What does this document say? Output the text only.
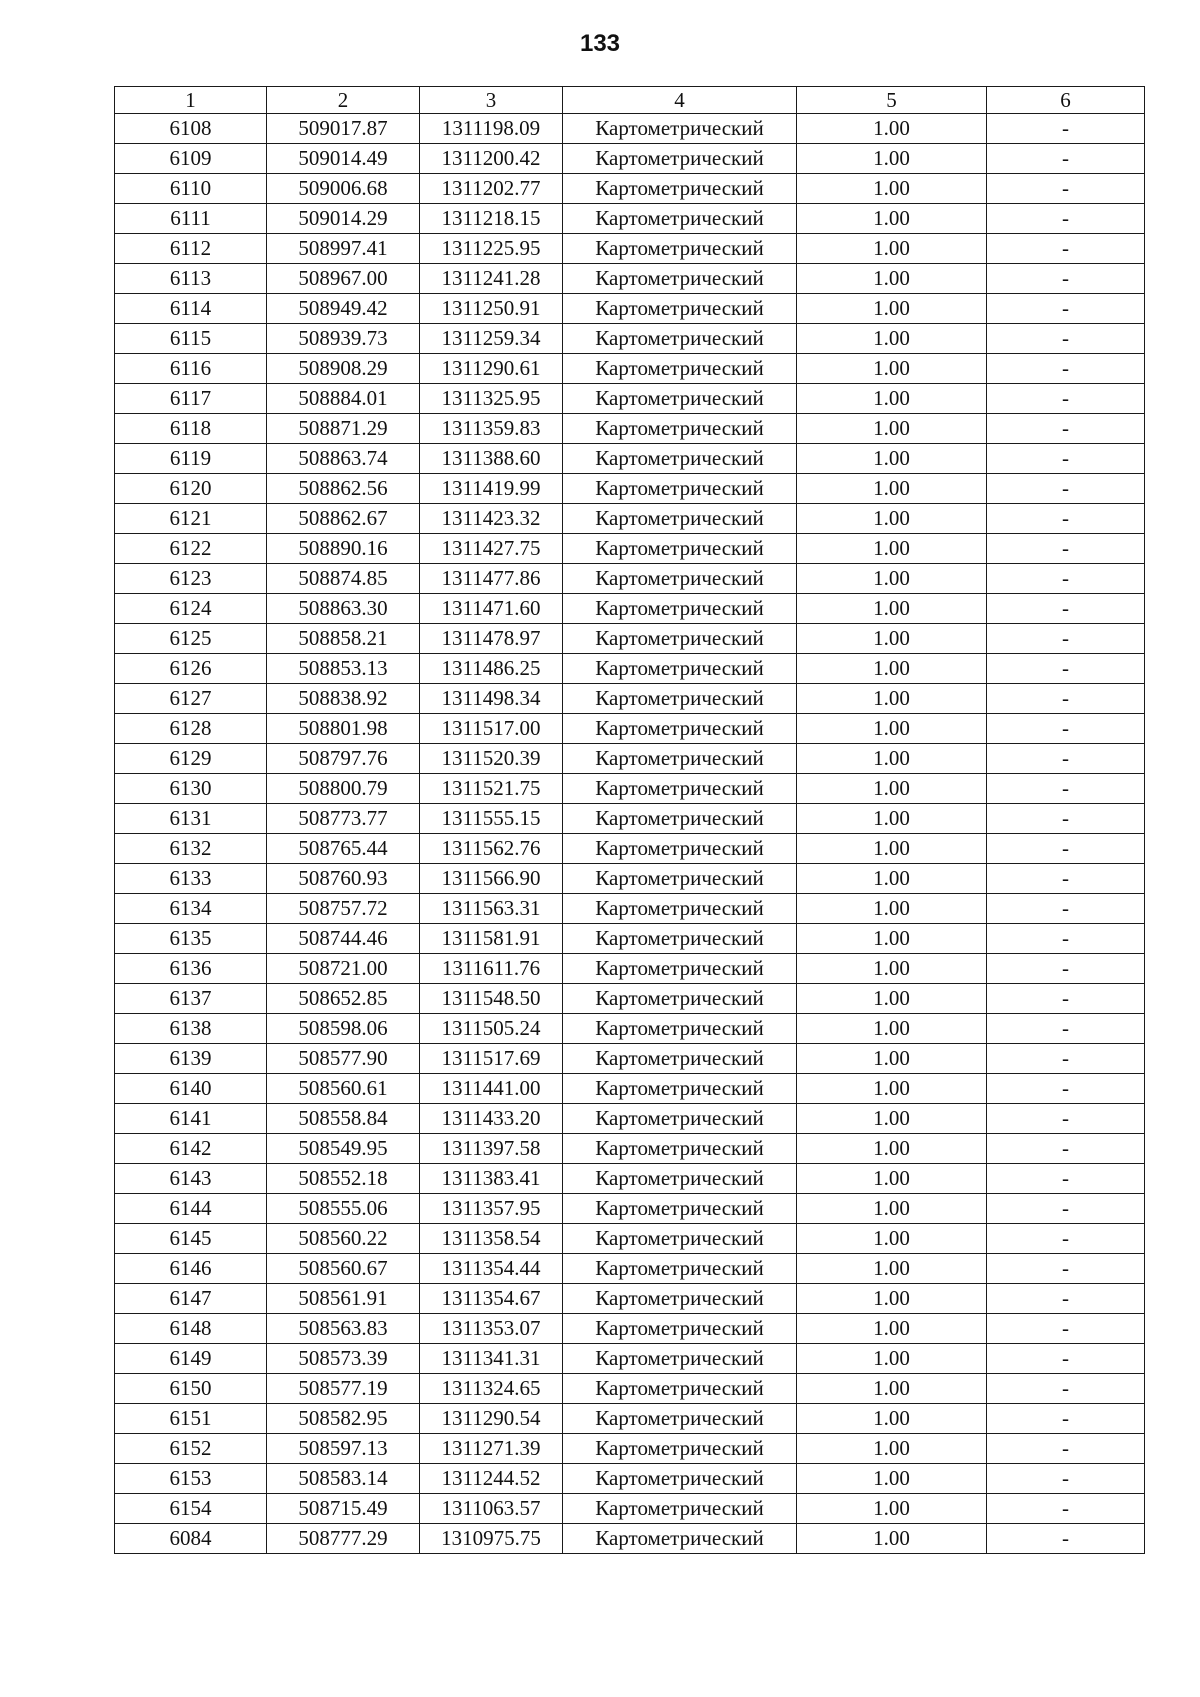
133
1	2	3	4	5	6
6108	509017.87	1311198.09	Картометрический	1.00	-
6109	509014.49	1311200.42	Картометрический	1.00	-
6110	509006.68	1311202.77	Картометрический	1.00	-
6111	509014.29	1311218.15	Картометрический	1.00	-
6112	508997.41	1311225.95	Картометрический	1.00	-
6113	508967.00	1311241.28	Картометрический	1.00	-
6114	508949.42	1311250.91	Картометрический	1.00	-
6115	508939.73	1311259.34	Картометрический	1.00	-
6116	508908.29	1311290.61	Картометрический	1.00	-
6117	508884.01	1311325.95	Картометрический	1.00	-
6118	508871.29	1311359.83	Картометрический	1.00	-
6119	508863.74	1311388.60	Картометрический	1.00	-
6120	508862.56	1311419.99	Картометрический	1.00	-
6121	508862.67	1311423.32	Картометрический	1.00	-
6122	508890.16	1311427.75	Картометрический	1.00	-
6123	508874.85	1311477.86	Картометрический	1.00	-
6124	508863.30	1311471.60	Картометрический	1.00	-
6125	508858.21	1311478.97	Картометрический	1.00	-
6126	508853.13	1311486.25	Картометрический	1.00	-
6127	508838.92	1311498.34	Картометрический	1.00	-
6128	508801.98	1311517.00	Картометрический	1.00	-
6129	508797.76	1311520.39	Картометрический	1.00	-
6130	508800.79	1311521.75	Картометрический	1.00	-
6131	508773.77	1311555.15	Картометрический	1.00	-
6132	508765.44	1311562.76	Картометрический	1.00	-
6133	508760.93	1311566.90	Картометрический	1.00	-
6134	508757.72	1311563.31	Картометрический	1.00	-
6135	508744.46	1311581.91	Картометрический	1.00	-
6136	508721.00	1311611.76	Картометрический	1.00	-
6137	508652.85	1311548.50	Картометрический	1.00	-
6138	508598.06	1311505.24	Картометрический	1.00	-
6139	508577.90	1311517.69	Картометрический	1.00	-
6140	508560.61	1311441.00	Картометрический	1.00	-
6141	508558.84	1311433.20	Картометрический	1.00	-
6142	508549.95	1311397.58	Картометрический	1.00	-
6143	508552.18	1311383.41	Картометрический	1.00	-
6144	508555.06	1311357.95	Картометрический	1.00	-
6145	508560.22	1311358.54	Картометрический	1.00	-
6146	508560.67	1311354.44	Картометрический	1.00	-
6147	508561.91	1311354.67	Картометрический	1.00	-
6148	508563.83	1311353.07	Картометрический	1.00	-
6149	508573.39	1311341.31	Картометрический	1.00	-
6150	508577.19	1311324.65	Картометрический	1.00	-
6151	508582.95	1311290.54	Картометрический	1.00	-
6152	508597.13	1311271.39	Картометрический	1.00	-
6153	508583.14	1311244.52	Картометрический	1.00	-
6154	508715.49	1311063.57	Картометрический	1.00	-
6084	508777.29	1310975.75	Картометрический	1.00	-
